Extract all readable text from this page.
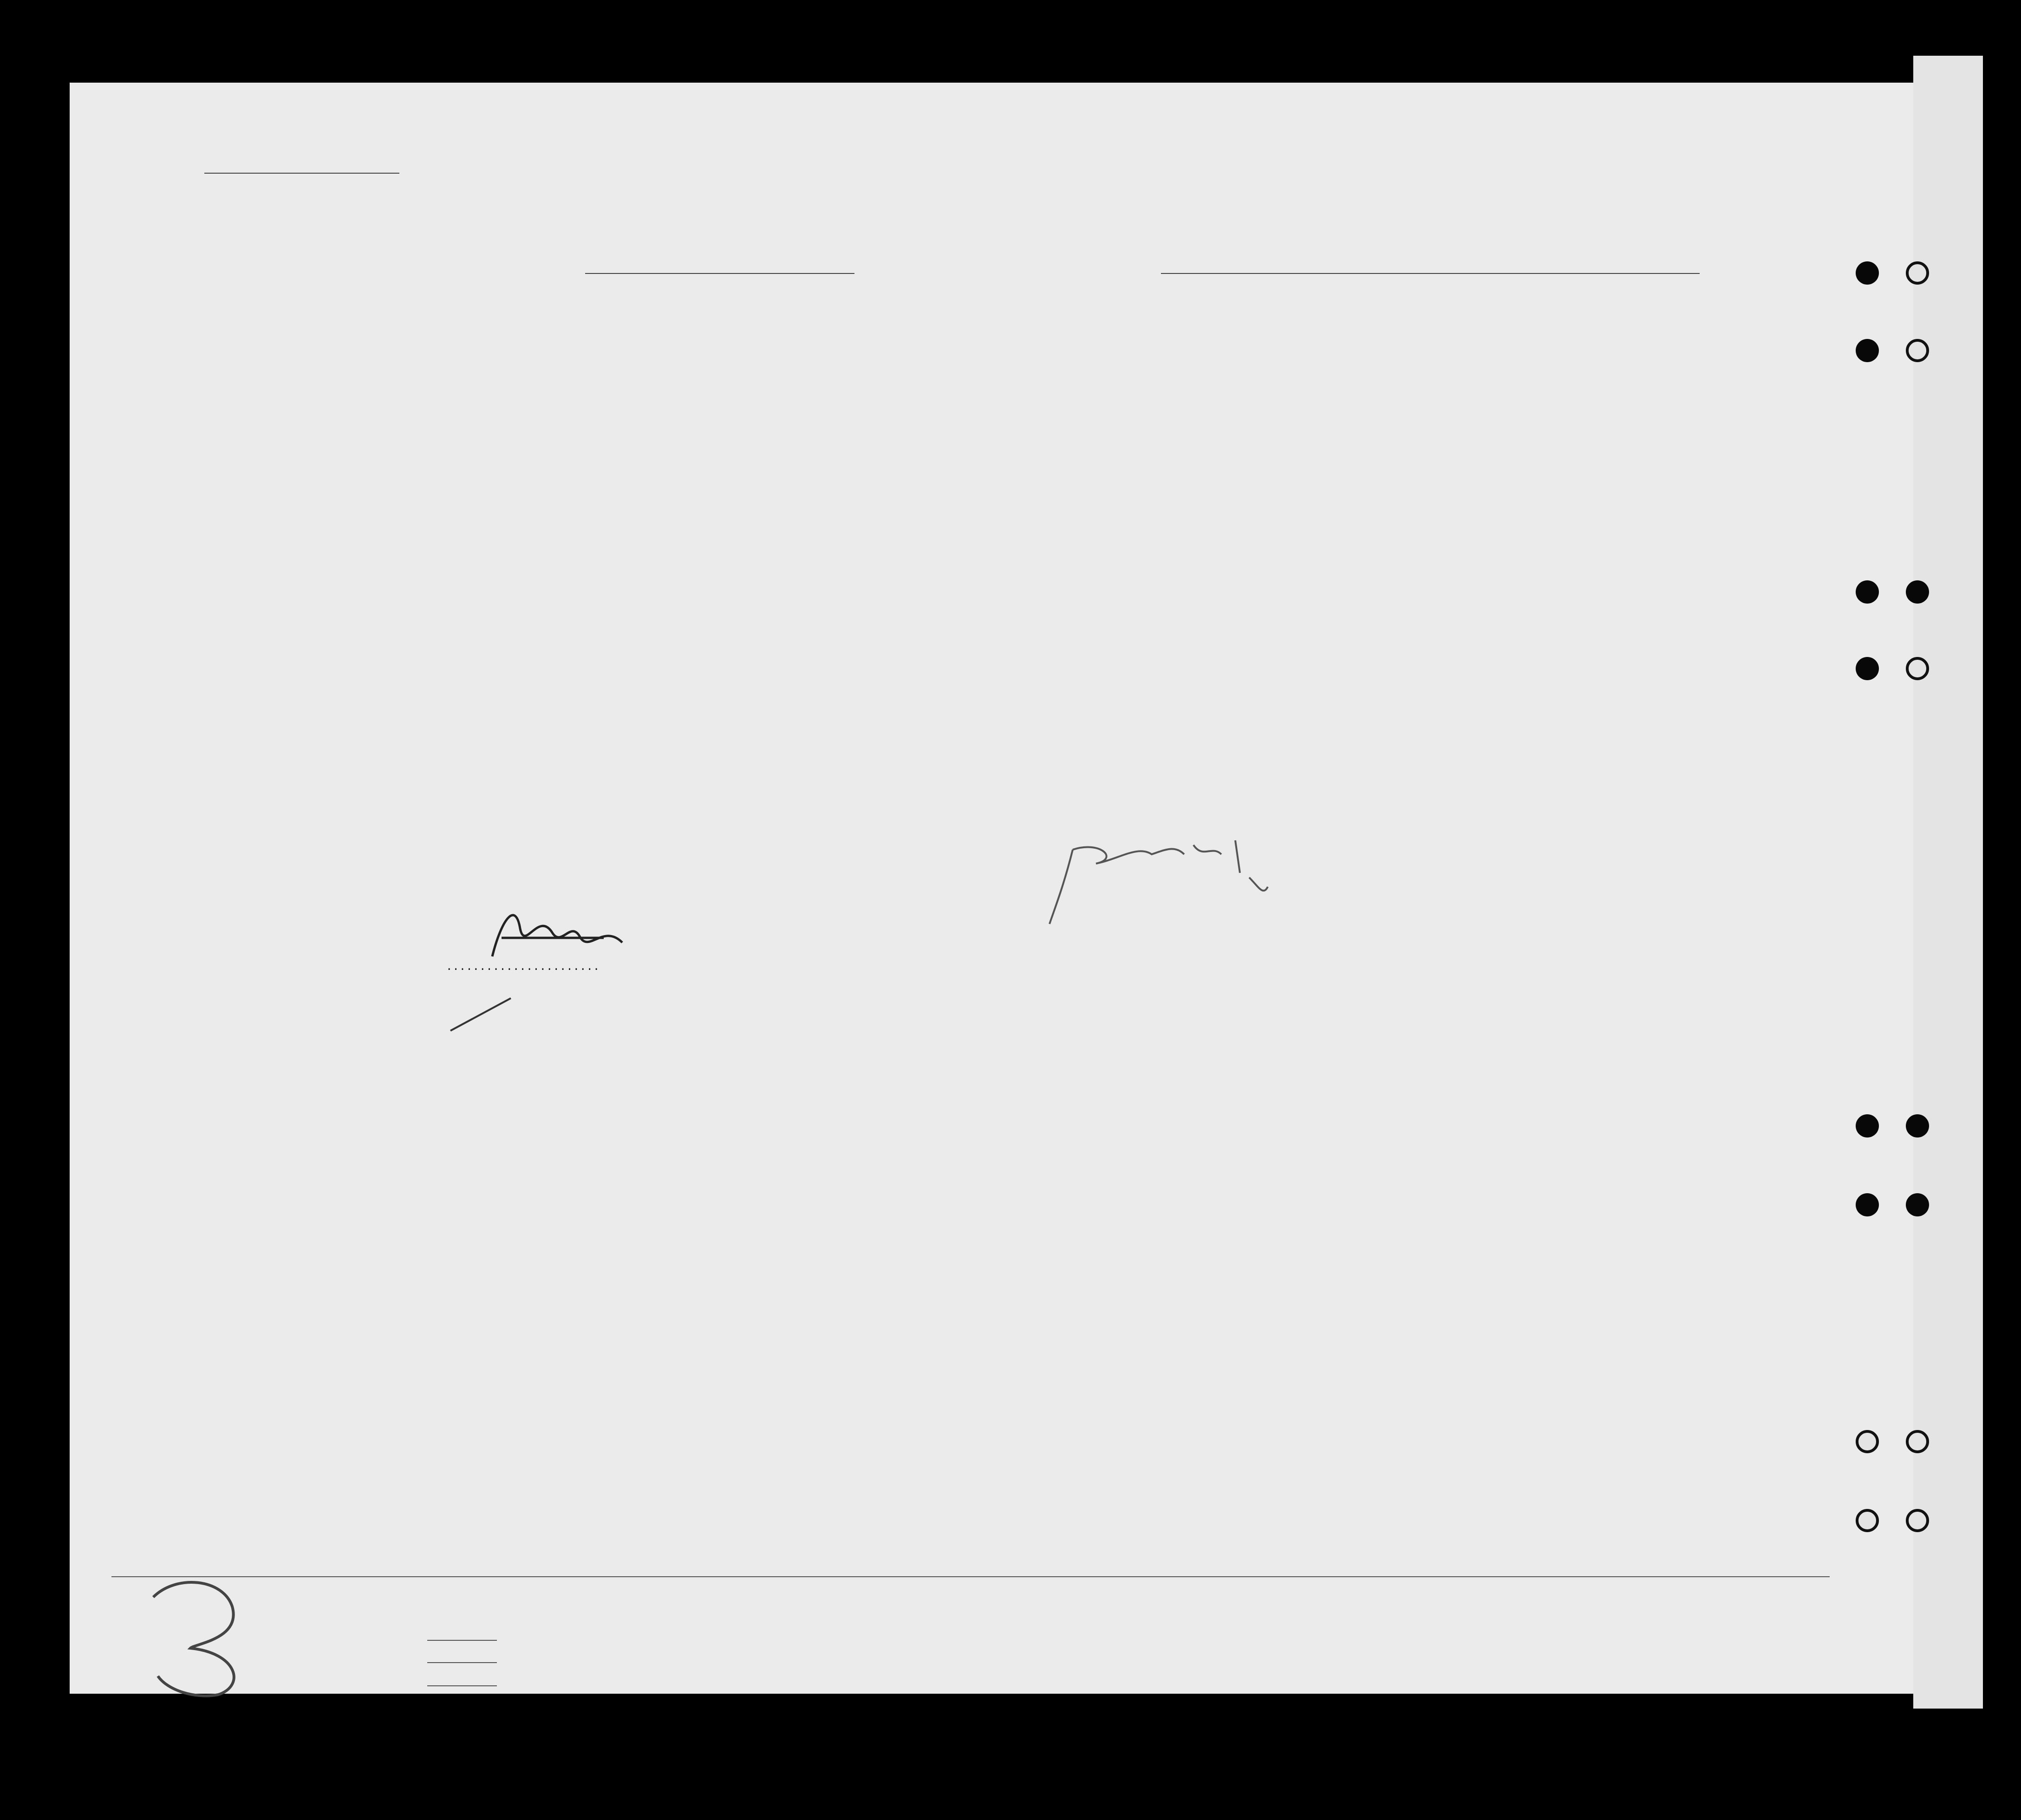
.......................
